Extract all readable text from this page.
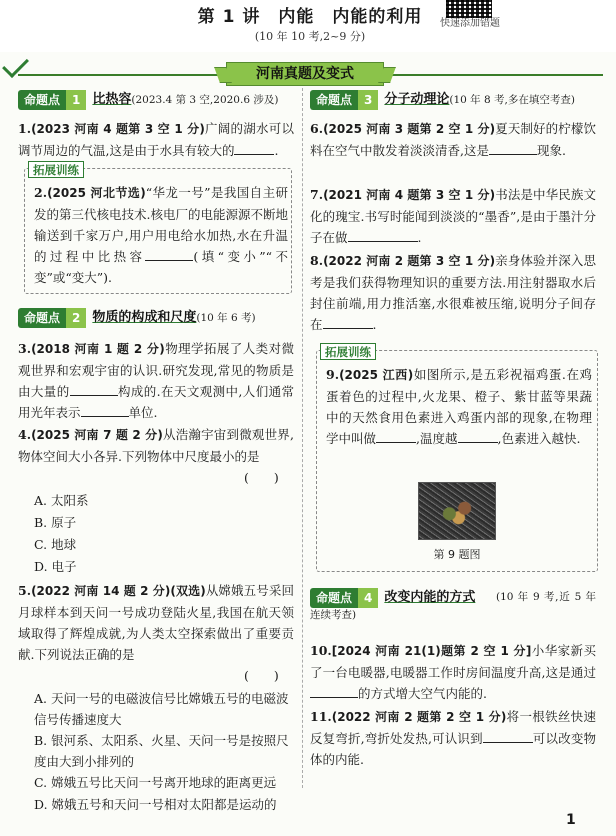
第 1 讲　内能　内能的利用
(10 年 10 考,2~9 分)
快速添加错题
河南真题及变式
命题点 1 比热容(2023.4 第 3 空,2020.6 涉及)
1.(2023 河南 4 题第 3 空 1 分)广阔的湖水可以调节周边的气温,这是由于水具有较大的	.
拓展训练
2.(2025 河北节选)“华龙一号”是我国自主研发的第三代核电技术.核电厂的电能源源不断地输送到千家万户,用户用电给水加热,水在升温的过程中比热容	(填“变小”“不变”或“变大”).
命题点 2 物质的构成和尺度(10 年 6 考)
3.(2018 河南 1 题 2 分)物理学拓展了人类对微观世界和宏观宇宙的认识.研究发现,常见的物质是由大量的	构成的.在天文观测中,人们通常用光年表示	单位.
4.(2025 河南 7 题 2 分)从浩瀚宇宙到微观世界,物体空间大小各异.下列物体中尺度最小的是
(　　)
A. 太阳系
B. 原子
C. 地球
D. 电子
5.(2022 河南 14 题 2 分)(双选)从嫦娥五号采回月球样本到天问一号成功登陆火星,我国在航天领域取得了辉煌成就,为人类太空探索做出了重要贡献.下列说法正确的是
(　　)
A. 天问一号的电磁波信号比嫦娥五号的电磁波信号传播速度大
B. 银河系、太阳系、火星、天问一号是按照尺度由大到小排列的
C. 嫦娥五号比天问一号离开地球的距离更远
D. 嫦娥五号和天问一号相对太阳都是运动的
命题点 3 分子动理论(10 年 8 考,多在填空考查)
6.(2025 河南 3 题第 2 空 1 分)夏天制好的柠檬饮料在空气中散发着淡淡清香,这是	现象.
7.(2021 河南 4 题第 3 空 1 分)书法是中华民族文化的瑰宝.书写时能闻到淡淡的“墨香”,是由于墨汁分子在做	.
8.(2022 河南 2 题第 3 空 1 分)亲身体验并深入思考是我们获得物理知识的重要方法.用注射器取水后封住前端,用力推活塞,水很难被压缩,说明分子间存在	.
拓展训练
9.(2025 江西)如图所示,是五彩祝福鸡蛋.在鸡蛋着色的过程中,火龙果、橙子、紫甘蓝等果蔬中的天然食用色素进入鸡蛋内部的现象,在物理学中叫做	,温度越	,色素进入越快.
第 9 题图
命题点 4 改变内能的方式	(10 年 9 考,近 5 年连续考查)
10.[2024 河南 21(1)题第 2 空 1 分]小华家新买了一台电暖器,电暖器工作时房间温度升高,这是通过的方式增大空气内能的.
11.(2022 河南 2 题第 2 空 1 分)将一根铁丝快速反复弯折,弯折处发热,可认识到	可以改变物体的内能.
1
